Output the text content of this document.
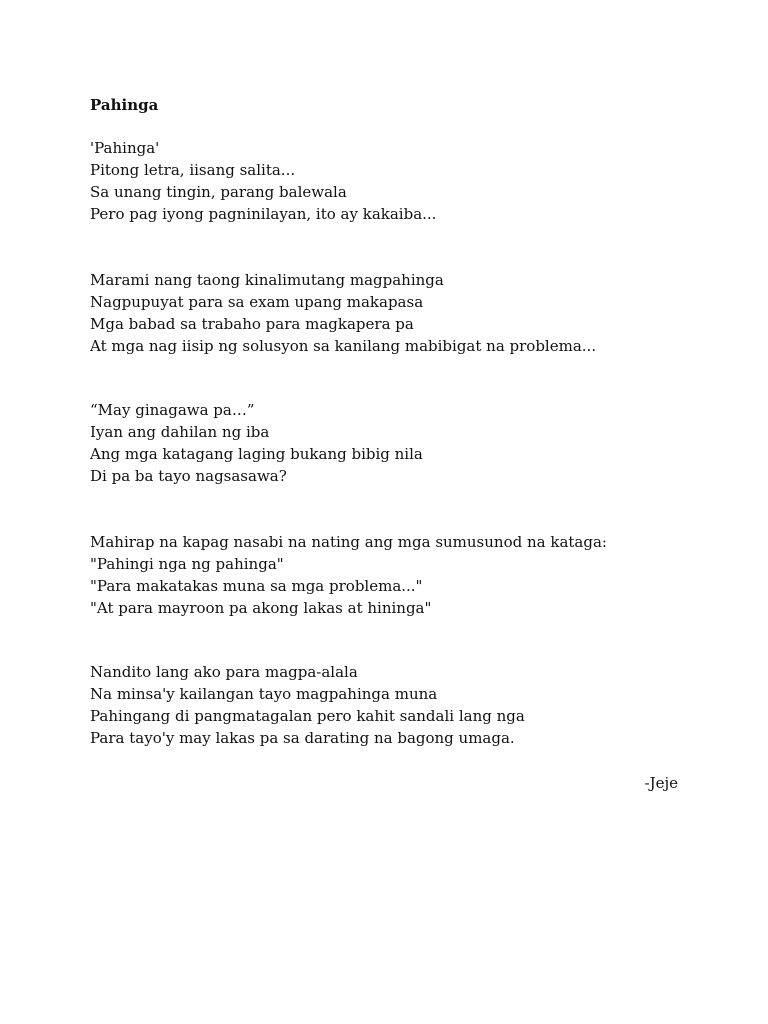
Pahinga
'Pahinga'
Pitong letra, iisang salita...
Sa unang tingin, parang balewala
Pero pag iyong pagninilayan, ito ay kakaiba...
Marami nang taong kinalimutang magpahinga
Nagpupuyat para sa exam upang makapasa
Mga babad sa trabaho para magkapera pa
At mga nag iisip ng solusyon sa kanilang mabibigat na problema...
“May ginagawa pa…”
Iyan ang dahilan ng iba
Ang mga katagang laging bukang bibig nila
Di pa ba tayo nagsasawa?
Mahirap na kapag nasabi na nating ang mga sumusunod na kataga:
"Pahingi nga ng pahinga"
"Para makatakas muna sa mga problema..."
"At para mayroon pa akong lakas at hininga"
Nandito lang ako para magpa-alala
Na minsa'y kailangan tayo magpahinga muna
Pahingang di pangmatagalan pero kahit sandali lang nga
Para tayo'y may lakas pa sa darating na bagong umaga.
-Jeje
